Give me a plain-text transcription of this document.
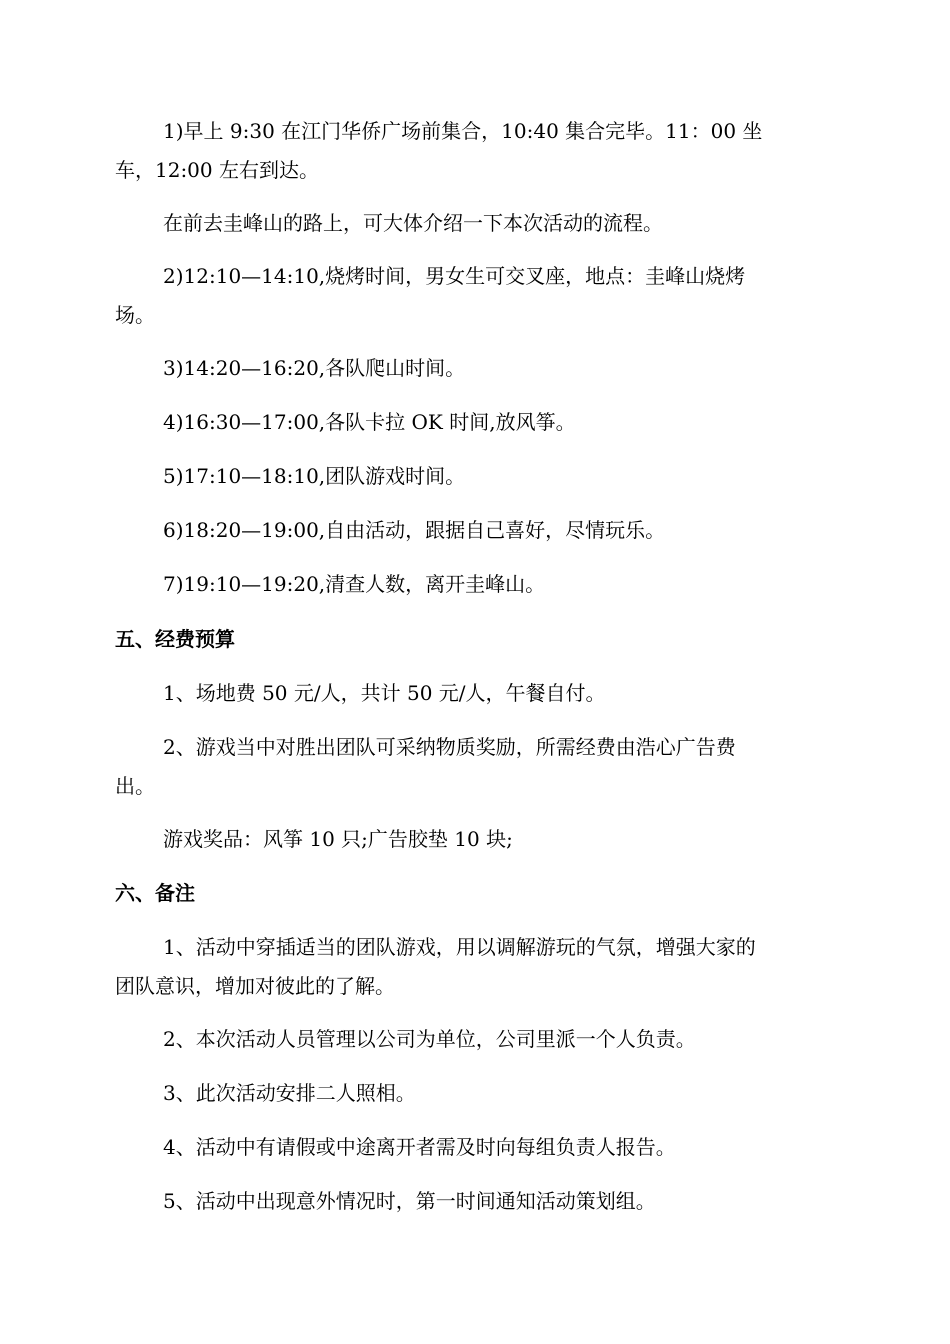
1)早上 9:30 在江门华侨广场前集合，10:40 集合完毕。11：00 坐
车，12:00 左右到达。
在前去圭峰山的路上，可大体介绍一下本次活动的流程。
2)12:10—14:10,烧烤时间，男女生可交叉座，地点：圭峰山烧烤
场。
3)14:20—16:20,各队爬山时间。
4)16:30—17:00,各队卡拉 OK 时间,放风筝。
5)17:10—18:10,团队游戏时间。
6)18:20—19:00,自由活动，跟据自己喜好，尽情玩乐。
7)19:10—19:20,清查人数，离开圭峰山。
五、经费预算
1、场地费 50 元/人，共计 50 元/人，午餐自付。
2、游戏当中对胜出团队可采纳物质奖励，所需经费由浩心广告费
出。
游戏奖品：风筝 10 只;广告胶垫 10 块;
六、备注
1、活动中穿插适当的团队游戏，用以调解游玩的气氛，增强大家的
团队意识，增加对彼此的了解。
2、本次活动人员管理以公司为单位，公司里派一个人负责。
3、此次活动安排二人照相。
4、活动中有请假或中途离开者需及时向每组负责人报告。
5、活动中出现意外情况时，第一时间通知活动策划组。
